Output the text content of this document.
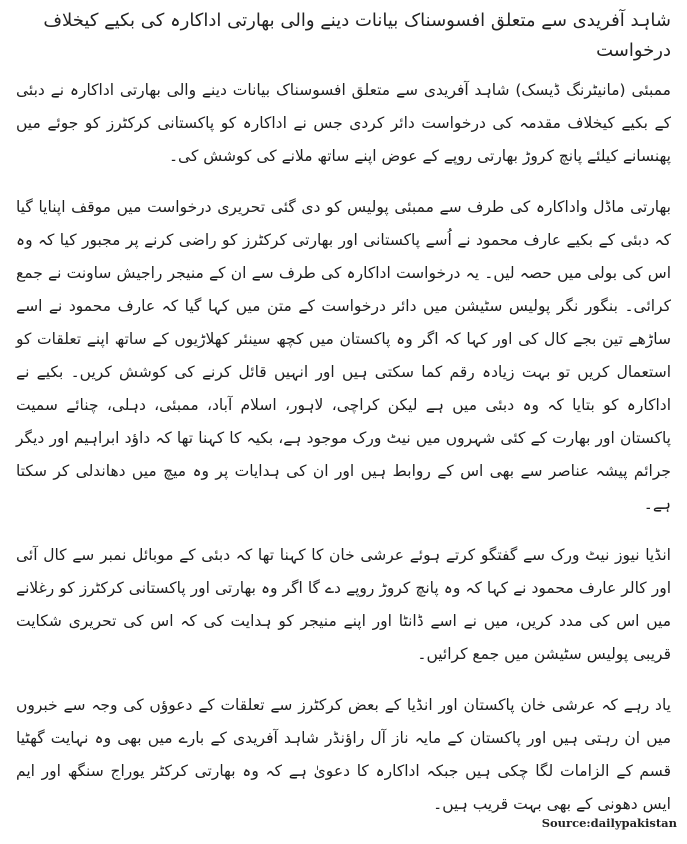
شاہد آفریدی سے متعلق افسوسناک بیانات دینے والی بھارتی اداکارہ کی بکیے کیخلاف درخواست

ممبئی (مانیٹرنگ ڈیسک) شاہد آفریدی سے متعلق افسوسناک بیانات دینے والی بھارتی اداکارہ نے دبئی کے بکیے کیخلاف مقدمہ کی درخواست دائر کردی جس نے اداکارہ کو پاکستانی کرکٹرز کو جوئے میں پھنسانے کیلئے پانچ کروڑ بھارتی روپے کے عوض اپنے ساتھ ملانے کی کوشش کی۔

بھارتی ماڈل واداکارہ کی طرف سے ممبئی پولیس کو دی گئی تحریری درخواست میں موقف اپنایا گیا کہ دبئی کے بکیے عارف محمود نے اُسے پاکستانی اور بھارتی کرکٹرز کو راضی کرنے پر مجبور کیا کہ وہ اس کی بولی میں حصہ لیں۔ یہ درخواست اداکارہ کی طرف سے ان کے منیجر راجیش ساونت نے جمع کرائی۔ بنگور نگر پولیس سٹیشن میں دائر درخواست کے متن میں کہا گیا کہ عارف محمود نے اسے ساڑھے تین بجے کال کی اور کہا کہ اگر وہ پاکستان میں کچھ سینئر کھلاڑیوں کے ساتھ اپنے تعلقات کو استعمال کریں تو بہت زیادہ رقم کما سکتی ہیں اور انہیں قائل کرنے کی کوشش کریں۔ بکیے نے اداکارہ کو بتایا کہ وہ دبئی میں ہے لیکن کراچی، لاہور، اسلام آباد، ممبئی، دہلی، چنائے سمیت پاکستان اور بھارت کے کئی شہروں میں نیٹ ورک موجود ہے، بکیہ کا کہنا تھا کہ داؤد ابراہیم اور دیگر جرائم پیشہ عناصر سے بھی اس کے روابط ہیں اور ان کی ہدایات پر وہ میچ میں دھاندلی کر سکتا ہے۔

انڈیا نیوز نیٹ ورک سے گفتگو کرتے ہوئے عرشی خان کا کہنا تھا کہ دبئی کے موبائل نمبر سے کال آئی اور کالر عارف محمود نے کہا کہ وہ پانچ کروڑ روپے دے گا اگر وہ بھارتی اور پاکستانی کرکٹرز کو رغلانے میں اس کی مدد کریں، میں نے اسے ڈانٹا اور اپنے منیجر کو ہدایت کی کہ اس کی تحریری شکایت قریبی پولیس سٹیشن میں جمع کرائیں۔

یاد رہے کہ عرشی خان پاکستان اور انڈیا کے بعض کرکٹرز سے تعلقات کے دعوؤں کی وجہ سے خبروں میں ان رہتی ہیں اور پاکستان کے مایہ ناز آل راؤنڈر شاہد آفریدی کے بارے میں بھی وہ نہایت گھٹیا قسم کے الزامات لگا چکی ہیں جبکہ اداکارہ کا دعویٰ ہے کہ وہ بھارتی کرکٹر یوراج سنگھ اور ایم ایس دھونی کے بھی بہت قریب ہیں۔

Source:dailypakistan
